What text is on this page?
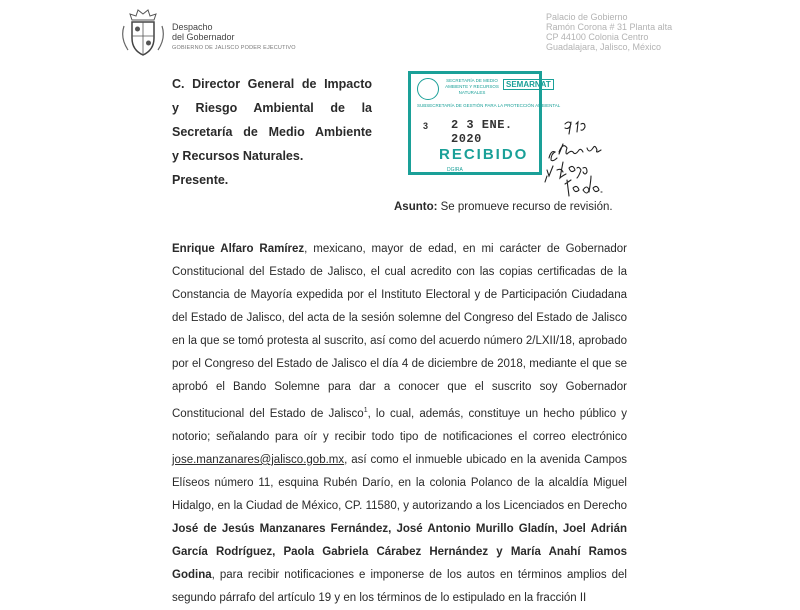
Despacho
del Gobernador
GOBIERNO DE JALISCO PODER EJECUTIVO
Palacio de Gobierno
Ramón Corona # 31 Planta alta
CP 44100 Colonia Centro
Guadalajara, Jalisco, México
C. Director General de Impacto
y Riesgo Ambiental de la
Secretaría de Medio Ambiente
y Recursos Naturales.
Presente.
SECRETARÍA DE MEDIO AMBIENTE Y RECURSOS NATURALES
SEMARNAT
SUBSECRETARÍA DE GESTIÓN PARA LA PROTECCIÓN AMBIENTAL
3 2 3 ENE. 2020
RECIBIDO
DGIRA
Asunto: Se promueve recurso de revisión.
Enrique Alfaro Ramírez, mexicano, mayor de edad, en mi carácter de Gobernador Constitucional del Estado de Jalisco, el cual acredito con las copias certificadas de la Constancia de Mayoría expedida por el Instituto Electoral y de Participación Ciudadana del Estado de Jalisco, del acta de la sesión solemne del Congreso del Estado de Jalisco en la que se tomó protesta al suscrito, así como del acuerdo número 2/LXII/18, aprobado por el Congreso del Estado de Jalisco el día 4 de diciembre de 2018, mediante el que se aprobó el Bando Solemne para dar a conocer que el suscrito soy Gobernador Constitucional del Estado de Jalisco$^1$, lo cual, además, constituye un hecho público y notorio; señalando para oír y recibir todo tipo de notificaciones el correo electrónico jose.manzanares@jalisco.gob.mx, así como el inmueble ubicado en la avenida Campos Elíseos número 11, esquina Rubén Darío, en la colonia Polanco de la alcaldía Miguel Hidalgo, en la Ciudad de México, CP. 11580, y autorizando a los Licenciados en Derecho José de Jesús Manzanares Fernández, José Antonio Murillo Gladín, Joel Adrián García Rodríguez, Paola Gabriela Cárabez Hernández y María Anahí Ramos Godina, para recibir notificaciones e imponerse de los autos en términos amplios del segundo párrafo del artículo 19 y en los términos de lo estipulado en la fracción II
